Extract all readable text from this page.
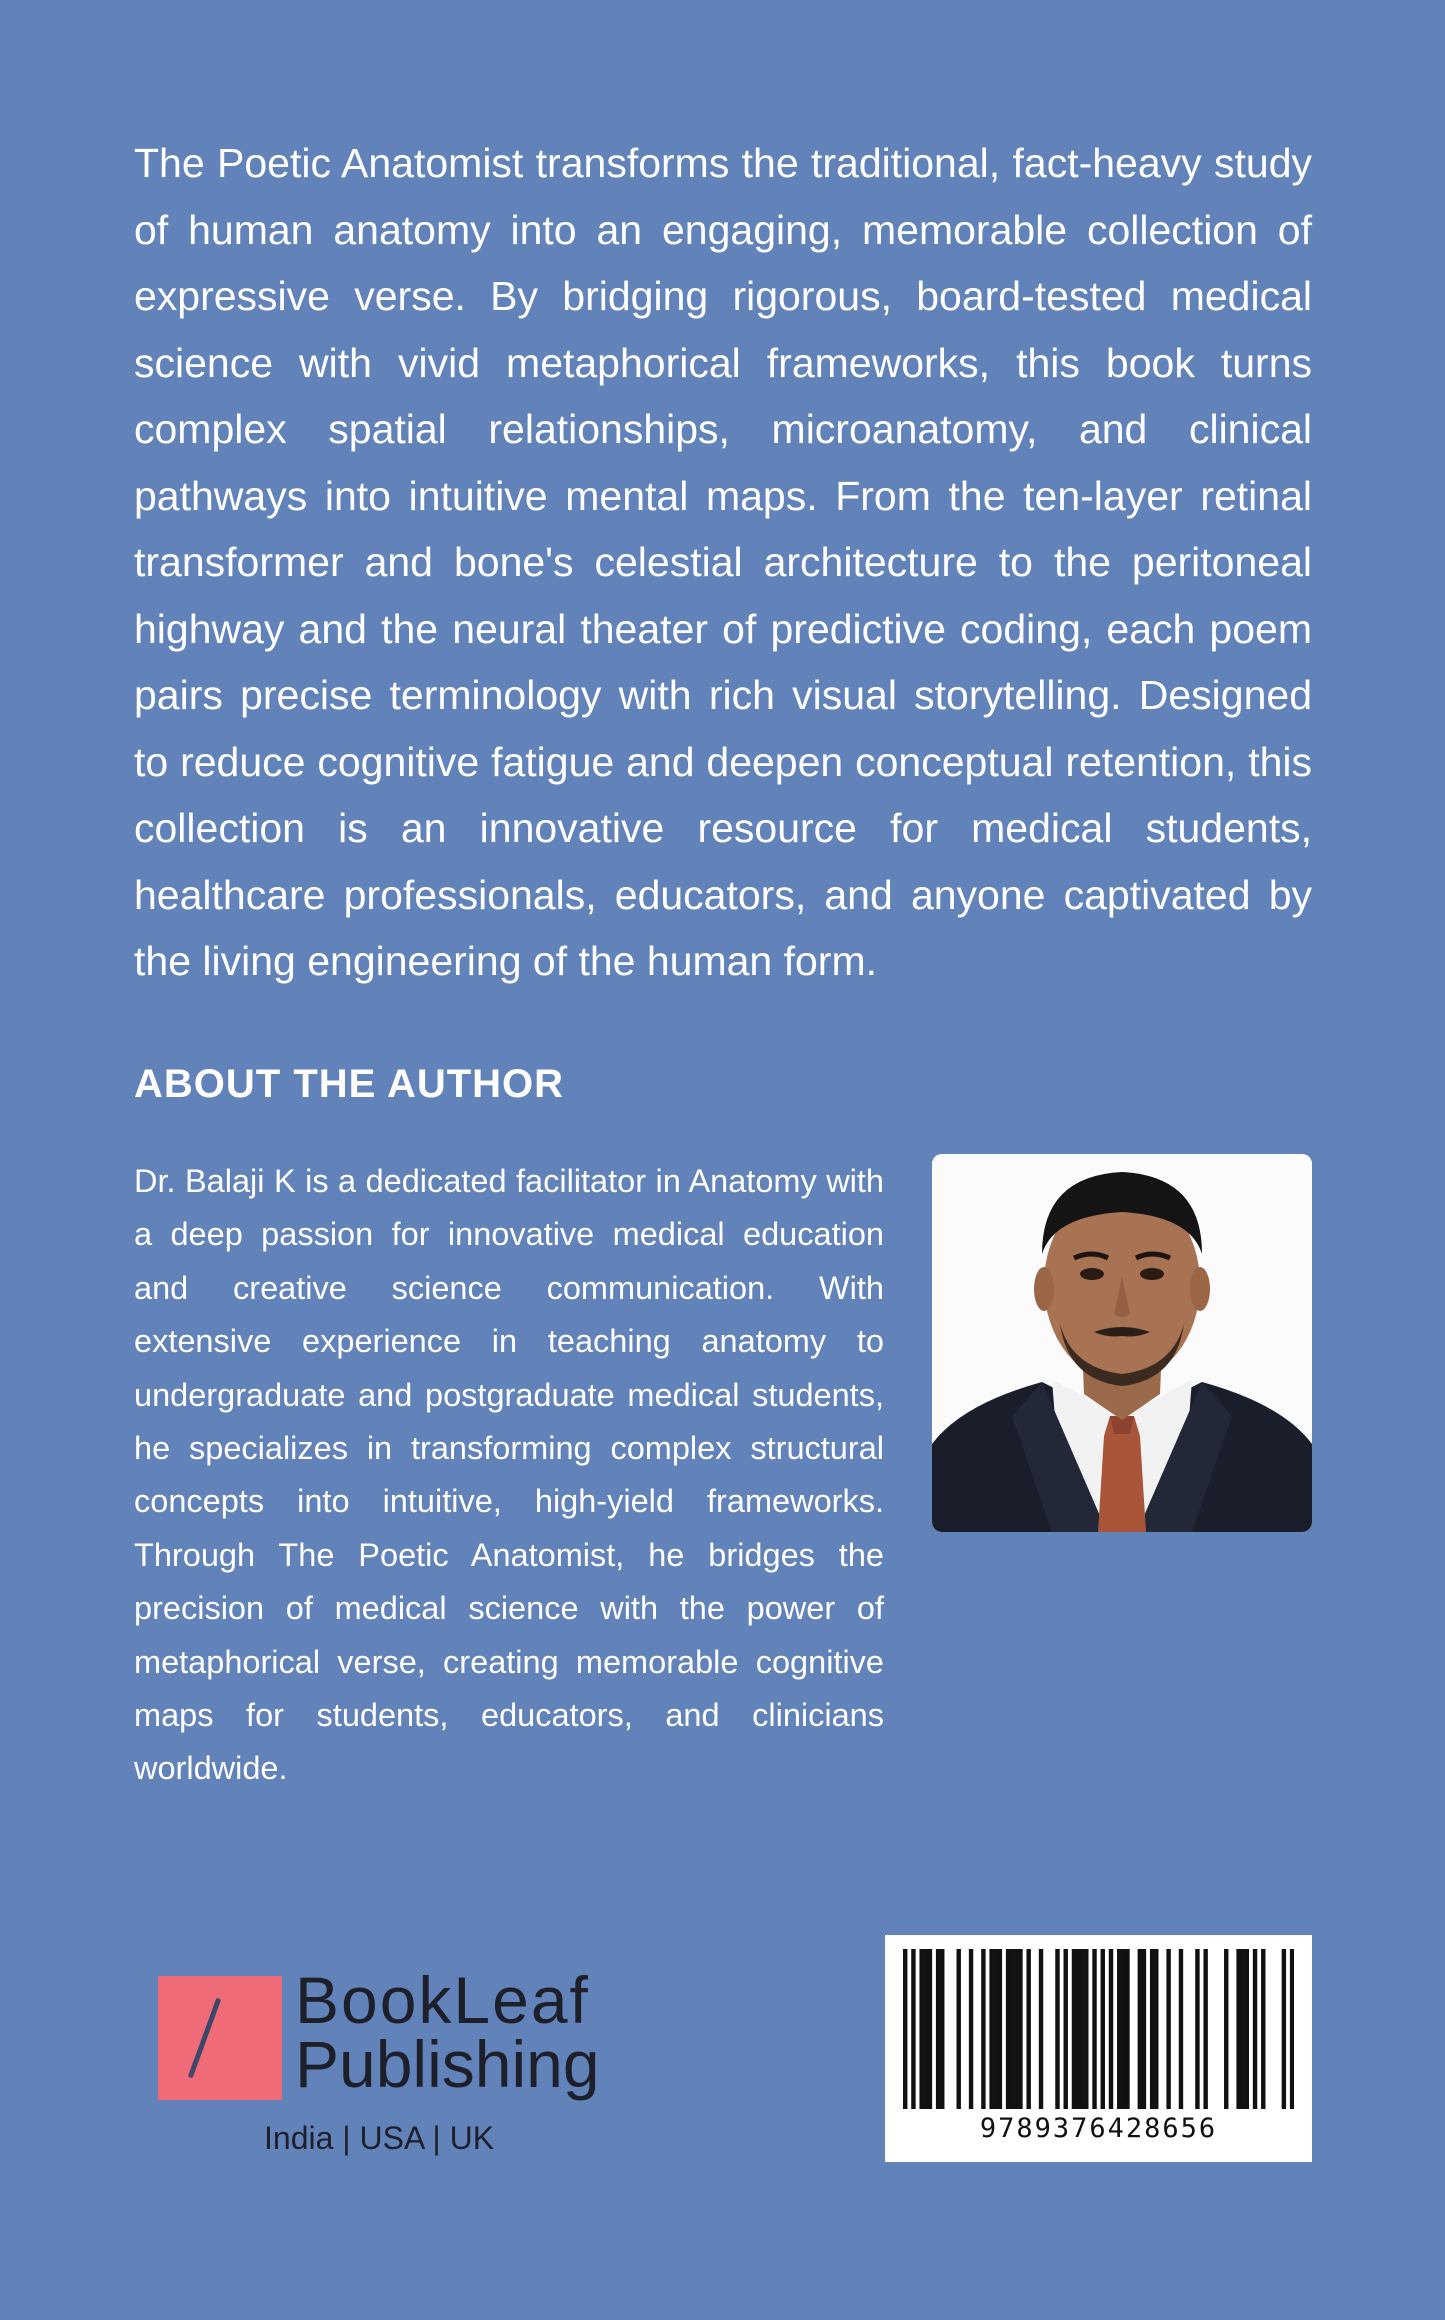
The Poetic Anatomist transforms the traditional, fact-heavy study of human anatomy into an engaging, memorable collection of expressive verse. By bridging rigorous, board-tested medical science with vivid metaphorical frameworks, this book turns complex spatial relationships, microanatomy, and clinical pathways into intuitive mental maps. From the ten-layer retinal transformer and bone's celestial architecture to the peritoneal highway and the neural theater of predictive coding, each poem pairs precise terminology with rich visual storytelling. Designed to reduce cognitive fatigue and deepen conceptual retention, this collection is an innovative resource for medical students, healthcare professionals, educators, and anyone captivated by the living engineering of the human form.

ABOUT THE AUTHOR

Dr. Balaji K is a dedicated facilitator in Anatomy with a deep passion for innovative medical education and creative science communication. With extensive experience in teaching anatomy to undergraduate and postgraduate medical students, he specializes in transforming complex structural concepts into intuitive, high-yield frameworks. Through The Poetic Anatomist, he bridges the precision of medical science with the power of metaphorical verse, creating memorable cognitive maps for students, educators, and clinicians worldwide.

BookLeaf
Publishing
India | USA | UK	9789376428656
